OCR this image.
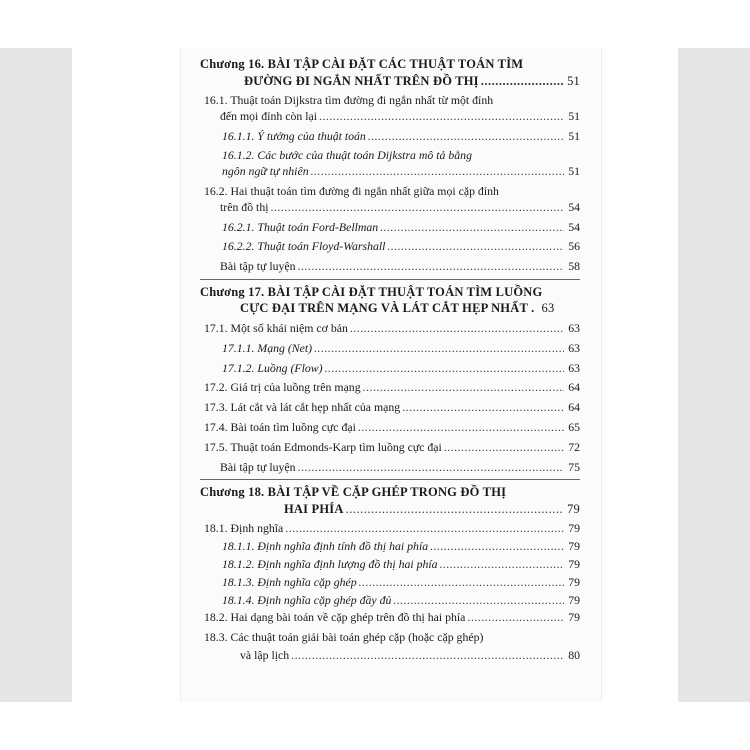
Chương 16. BÀI TẬP CÀI ĐẶT CÁC THUẬT TOÁN TÌM
ĐƯỜNG ĐI NGẮN NHẤT TRÊN ĐỒ THỊ .....	51
16.1. Thuật toán Dijkstra tìm đường đi ngắn nhất từ một đỉnh
đến mọi đỉnh còn lại .....	51
16.1.1. Ý tưởng của thuật toán .....	51
16.1.2. Các bước của thuật toán Dijkstra mô tả bằng
ngôn ngữ tự nhiên .....	51
16.2. Hai thuật toán tìm đường đi ngắn nhất giữa mọi cặp đỉnh
trên đồ thị .....	54
16.2.1. Thuật toán Ford-Bellman .....	54
16.2.2. Thuật toán Floyd-Warshall .....	56
Bài tập tự luyện .....	58
Chương 17. BÀI TẬP CÀI ĐẶT THUẬT TOÁN TÌM LUỒNG
CỰC ĐẠI TRÊN MẠNG VÀ LÁT CẮT HẸP NHẤT . 63
17.1. Một số khái niệm cơ bản .....	63
17.1.1. Mạng (Net) .....	63
17.1.2. Luồng (Flow) .....	63
17.2. Giá trị của luồng trên mạng .....	64
17.3. Lát cắt và lát cắt hẹp nhất của mạng .....	64
17.4. Bài toán tìm luồng cực đại .....	65
17.5. Thuật toán Edmonds-Karp tìm luồng cực đại .....	72
Bài tập tự luyện .....	75
Chương 18. BÀI TẬP VỀ CẶP GHÉP TRONG ĐỒ THỊ
HAI PHÍA .....	79
18.1. Định nghĩa .....	79
18.1.1. Định nghĩa định tính đồ thị hai phía .....	79
18.1.2. Định nghĩa định lượng đồ thị hai phía .....	79
18.1.3. Định nghĩa cặp ghép .....	79
18.1.4. Định nghĩa cặp ghép đầy đủ .....	79
18.2. Hai dạng bài toán về cặp ghép trên đồ thị hai phía .....	79
18.3. Các thuật toán giải bài toán ghép cặp (hoặc cặp ghép)
và lập lịch .....	80
